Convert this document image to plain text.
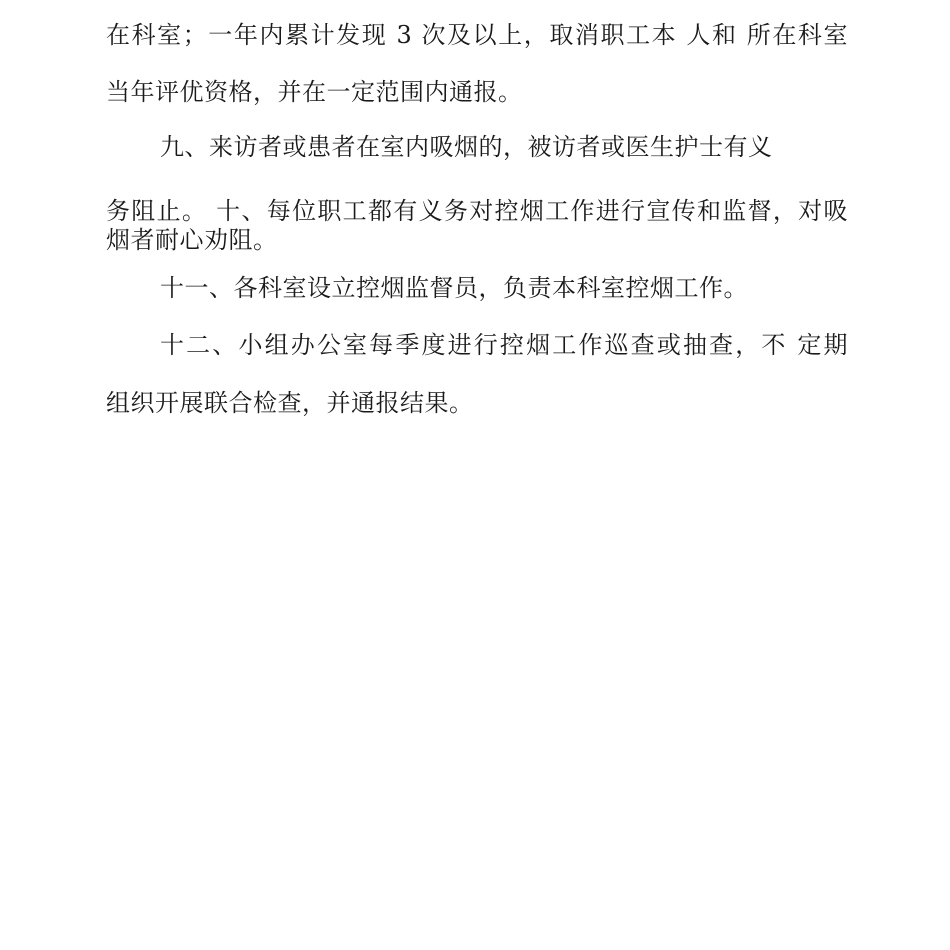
在科室；一年内累计发现 3 次及以上，取消职工本 人和 所在科室
当年评优资格，并在一定范围内通报。
九、来访者或患者在室内吸烟的，被访者或医生护士有义
务阻止。 十、每位职工都有义务对控烟工作进行宣传和监督，对吸
烟者耐心劝阻。
十一、各科室设立控烟监督员，负责本科室控烟工作。
十二、小组办公室每季度进行控烟工作巡查或抽查，不 定期
组织开展联合检查，并通报结果。
